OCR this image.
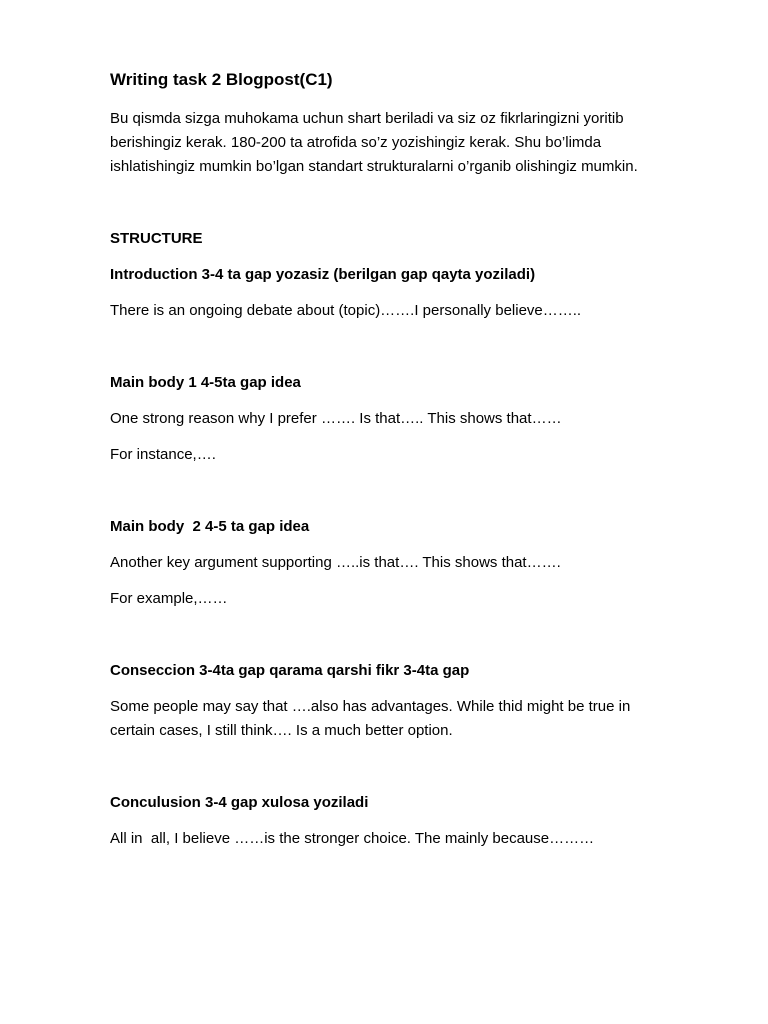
Writing task 2 Blogpost(C1)

Bu qismda sizga muhokama uchun shart beriladi va siz oz fikrlaringizni yoritib
berishingiz kerak. 180-200 ta atrofida so’z yozishingiz kerak. Shu bo’limda
ishlatishingiz mumkin bo’lgan standart strukturalarni o’rganib olishingiz mumkin.

STRUCTURE
Introduction 3-4 ta gap yozasiz (berilgan gap qayta yoziladi)
There is an ongoing debate about (topic)…….I personally believe……..
Main body 1 4-5ta gap idea
One strong reason why I prefer ……. Is that….. This shows that……
For instance,….
Main body  2 4-5 ta gap idea
Another key argument supporting …..is that…. This shows that…….
For example,……
Consecсion 3-4ta gap qarama qarshi fikr 3-4ta gap
Some people may say that ….also has advantages. While thid might be true in
certain cases, I still think…. Is a much better option.
Conculusion 3-4 gap xulosa yoziladi
All in  all, I believe ……is the stronger choice. The mainly because………
